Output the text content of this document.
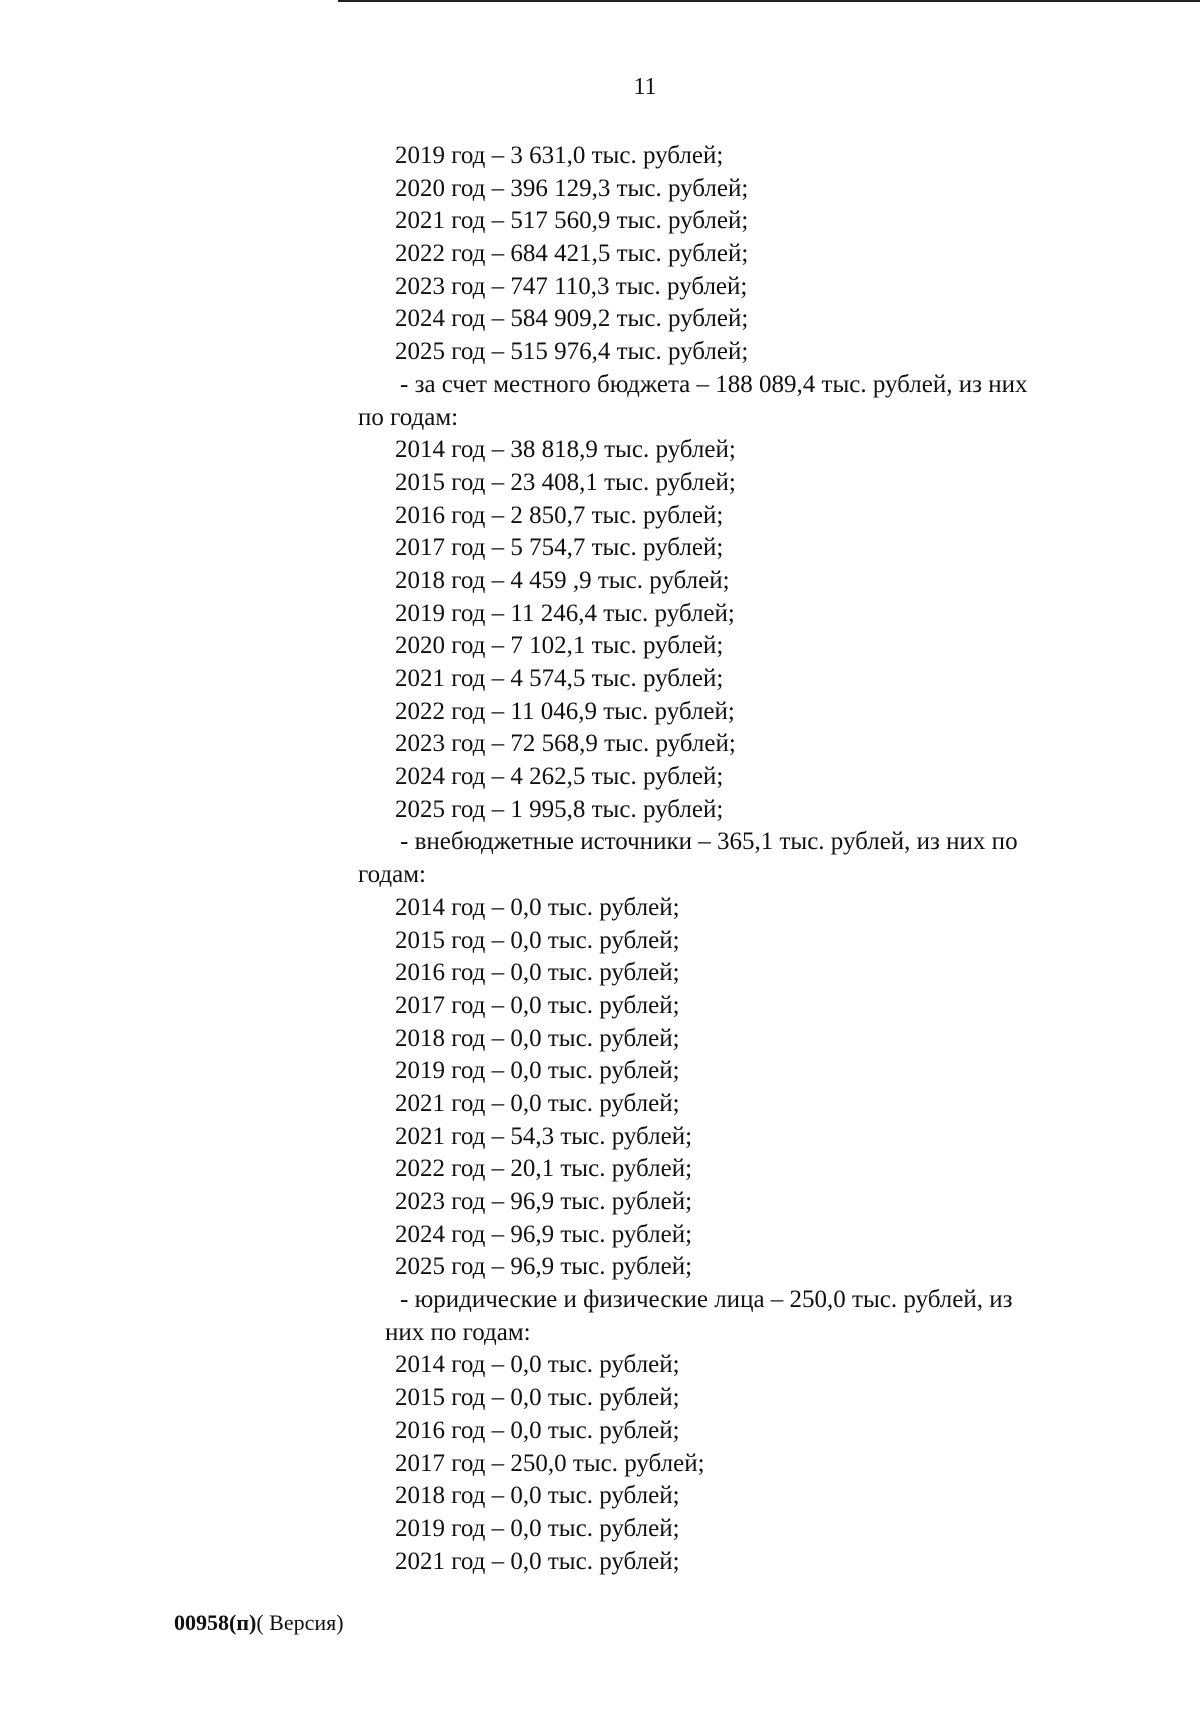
11
2019 год – 3 631,0 тыс. рублей;
2020 год – 396 129,3 тыс. рублей;
2021 год – 517 560,9 тыс. рублей;
2022 год – 684 421,5 тыс. рублей;
2023 год – 747 110,3 тыс. рублей;
2024 год – 584 909,2 тыс. рублей;
2025 год – 515 976,4 тыс. рублей;
- за счет местного бюджета – 188 089,4 тыс. рублей, из них
по годам:
2014 год – 38 818,9 тыс. рублей;
2015 год – 23 408,1 тыс. рублей;
2016 год – 2 850,7 тыс. рублей;
2017 год – 5 754,7 тыс. рублей;
2018 год – 4 459 ,9 тыс. рублей;
2019 год – 11 246,4 тыс. рублей;
2020 год – 7 102,1 тыс. рублей;
2021 год – 4 574,5 тыс. рублей;
2022 год – 11 046,9 тыс. рублей;
2023 год – 72 568,9 тыс. рублей;
2024 год – 4 262,5 тыс. рублей;
2025 год – 1 995,8 тыс. рублей;
- внебюджетные источники – 365,1 тыс. рублей, из них по
годам:
2014 год – 0,0 тыс. рублей;
2015 год – 0,0 тыс. рублей;
2016 год – 0,0 тыс. рублей;
2017 год – 0,0 тыс. рублей;
2018 год – 0,0 тыс. рублей;
2019 год – 0,0 тыс. рублей;
2021 год – 0,0 тыс. рублей;
2021 год – 54,3 тыс. рублей;
2022 год – 20,1 тыс. рублей;
2023 год – 96,9 тыс. рублей;
2024 год – 96,9 тыс. рублей;
2025 год – 96,9 тыс. рублей;
- юридические и физические лица – 250,0 тыс. рублей, из
них по годам:
2014 год – 0,0 тыс. рублей;
2015 год – 0,0 тыс. рублей;
2016 год – 0,0 тыс. рублей;
2017 год – 250,0 тыс. рублей;
2018 год – 0,0 тыс. рублей;
2019 год – 0,0 тыс. рублей;
2021 год – 0,0 тыс. рублей;
00958(п)( Версия)
